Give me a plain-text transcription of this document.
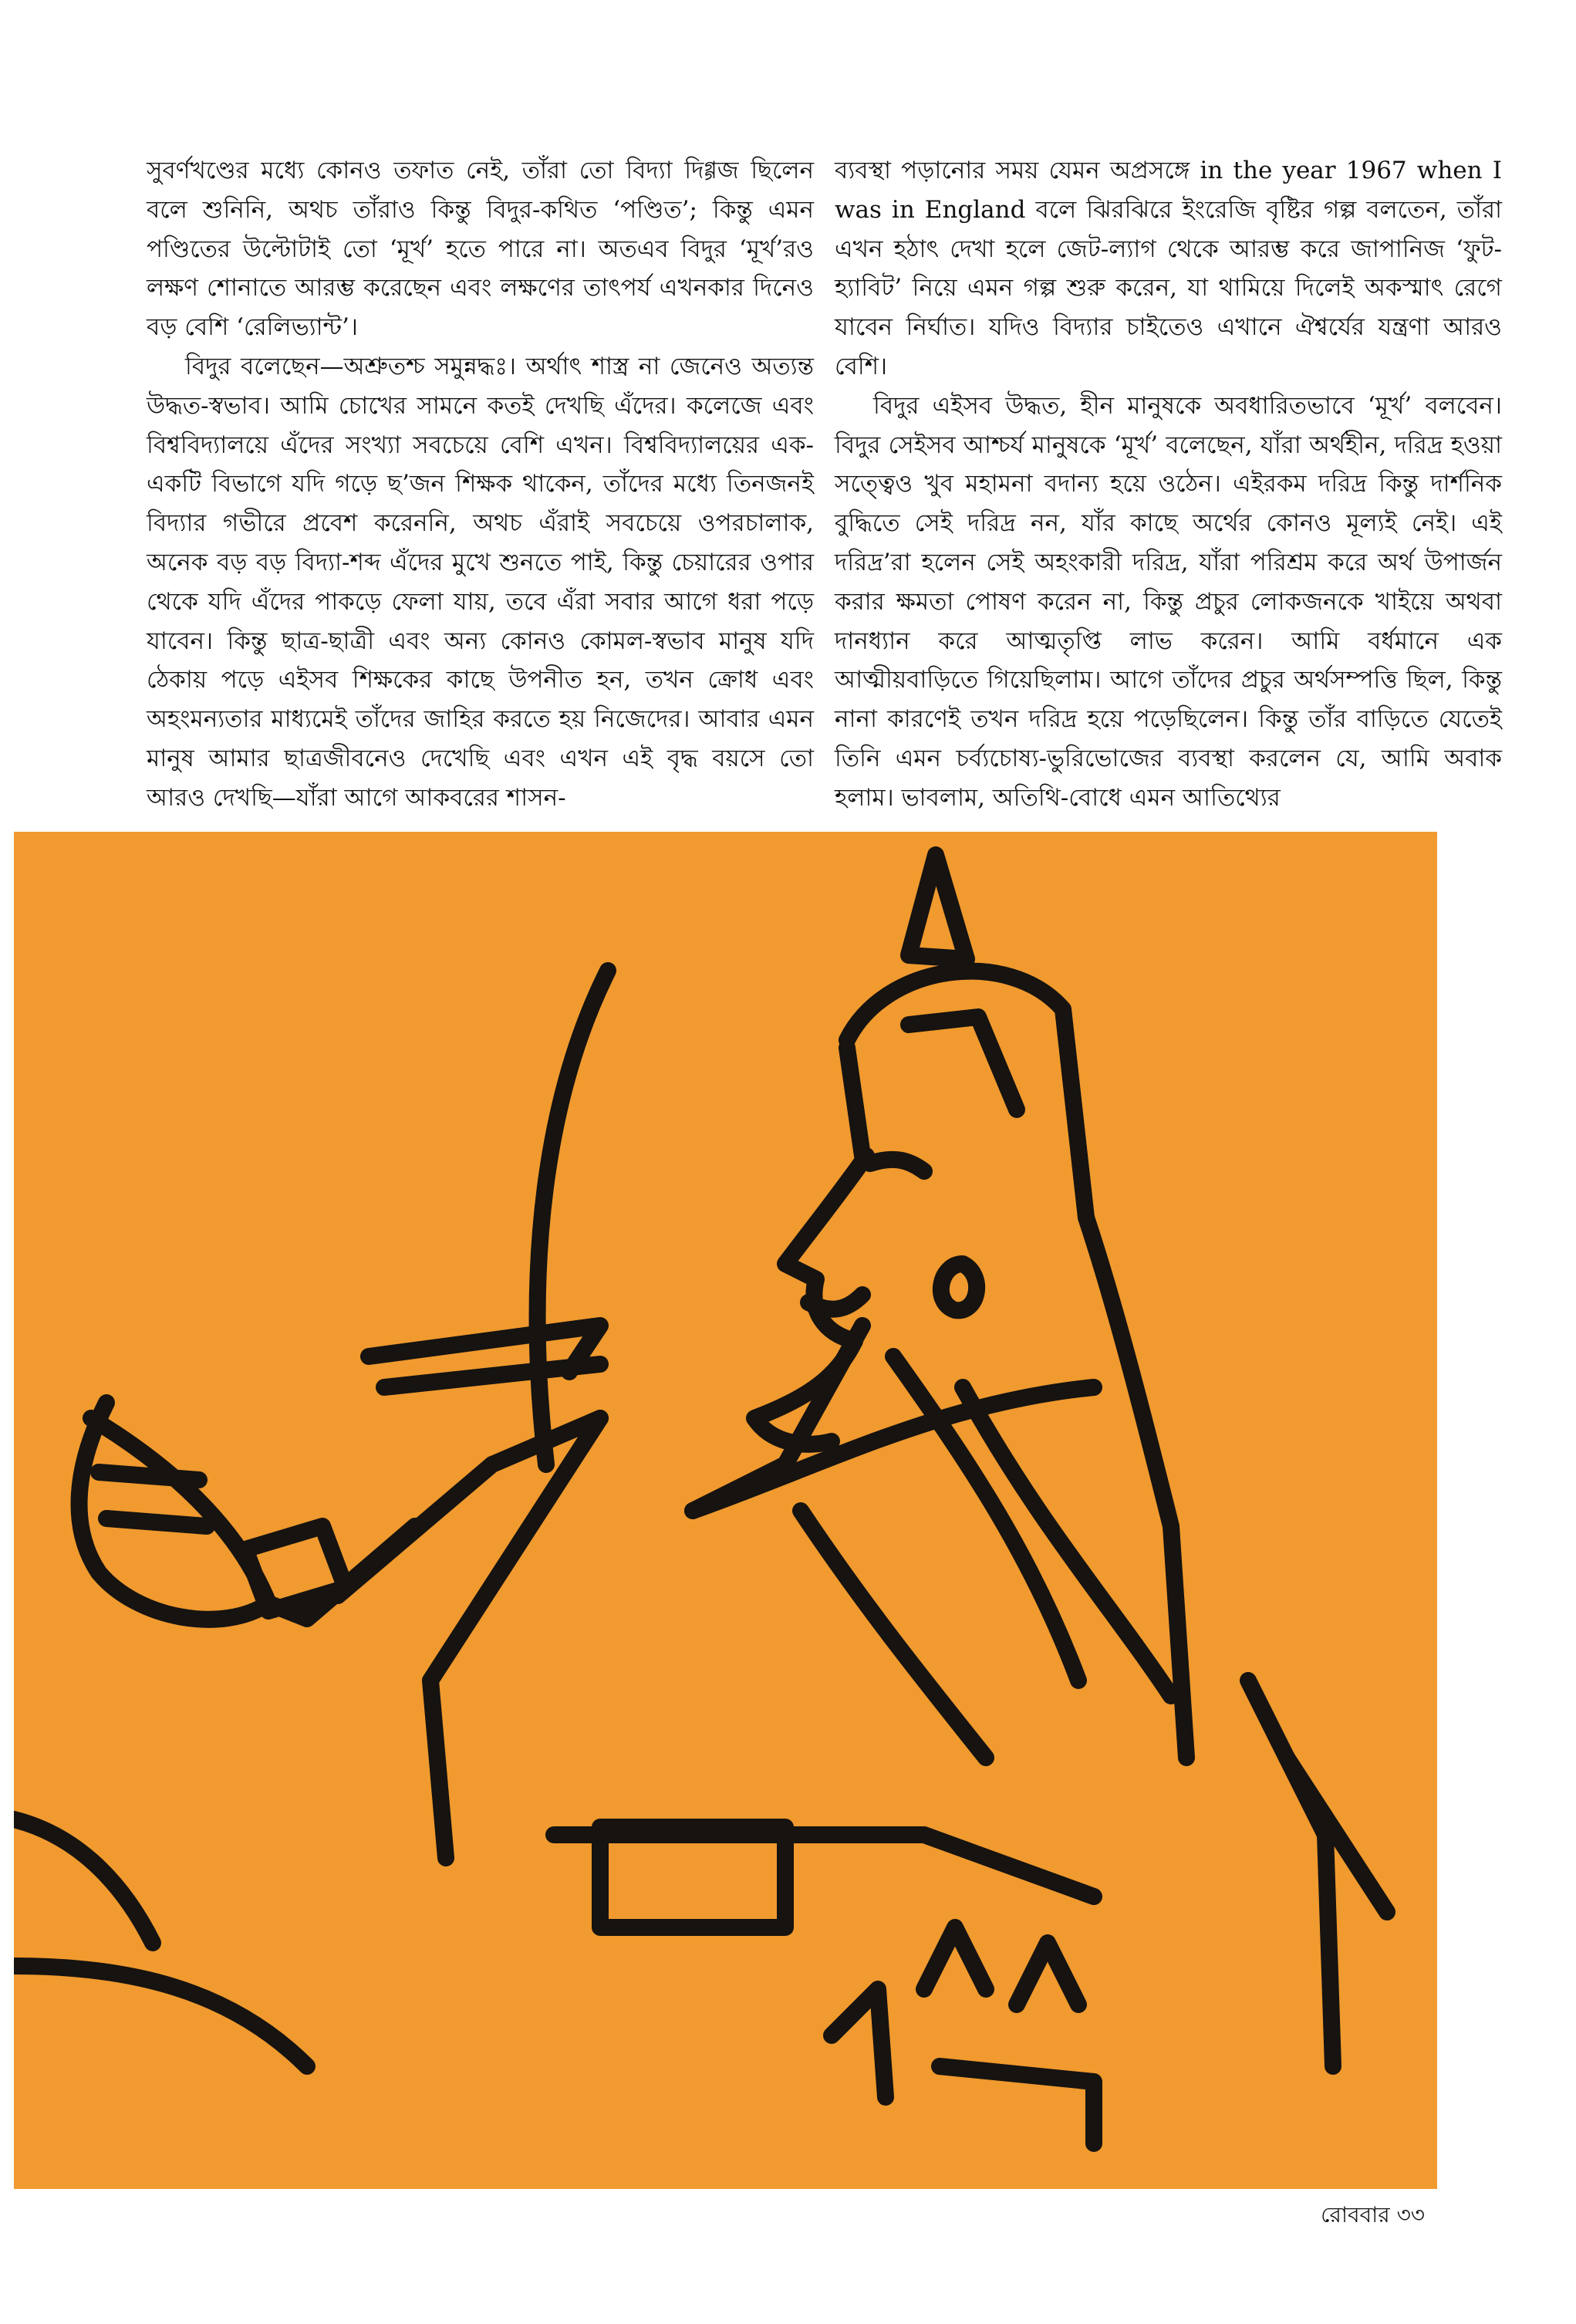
সুবর্ণখণ্ডের মধ্যে কোনও তফাত নেই, তাঁরা তো বিদ্যা দিগ্গজ ছিলেন বলে শুনিনি, অথচ তাঁরাও কিন্তু বিদুর-কথিত ‘পণ্ডিত’; কিন্তু এমন পণ্ডিতের উল্টোটাই তো ‘মূর্খ’ হতে পারে না। অতএব বিদুর ‘মূর্খ’রও লক্ষণ শোনাতে আরম্ভ করেছেন এবং লক্ষণের তাৎপর্য এখনকার দিনেও বড় বেশি ‘রেলিভ্যান্ট’।

বিদুর বলেছেন—অশ্রুতশ্চ সমুন্নদ্ধঃ। অর্থাৎ শাস্ত্র না জেনেও অত্যন্ত উদ্ধত-স্বভাব। আমি চোখের সামনে কতই দেখছি এঁদের। কলেজে এবং বিশ্ববিদ্যালয়ে এঁদের সংখ্যা সবচেয়ে বেশি এখন। বিশ্ববিদ্যালয়ের এক-একটি বিভাগে যদি গড়ে ছ’জন শিক্ষক থাকেন, তাঁদের মধ্যে তিনজনই বিদ্যার গভীরে প্রবেশ করেননি, অথচ এঁরাই সবচেয়ে ওপরচালাক, অনেক বড় বড় বিদ্যা-শব্দ এঁদের মুখে শুনতে পাই, কিন্তু চেয়ারের ওপার থেকে যদি এঁদের পাকড়ে ফেলা যায়, তবে এঁরা সবার আগে ধরা পড়ে যাবেন। কিন্তু ছাত্র-ছাত্রী এবং অন্য কোনও কোমল-স্বভাব মানুষ যদি ঠেকায় পড়ে এইসব শিক্ষকের কাছে উপনীত হন, তখন ক্রোধ এবং অহংমন্যতার মাধ্যমেই তাঁদের জাহির করতে হয় নিজেদের। আবার এমন মানুষ আমার ছাত্রজীবনেও দেখেছি এবং এখন এই বৃদ্ধ বয়সে তো আরও দেখছি—যাঁরা আগে আকবরের শাসন-

ব্যবস্থা পড়ানোর সময় যেমন অপ্রসঙ্গে in the year 1967 when I was in England বলে ঝিরঝিরে ইংরেজি বৃষ্টির গল্প বলতেন, তাঁরা এখন হঠাৎ দেখা হলে জেট-ল্যাগ থেকে আরম্ভ করে জাপানিজ ‘ফুট-হ্যাবিট’ নিয়ে এমন গল্প শুরু করেন, যা থামিয়ে দিলেই অকস্মাৎ রেগে যাবেন নির্ঘাত। যদিও বিদ্যার চাইতেও এখানে ঐশ্বর্যের যন্ত্রণা আরও বেশি।

বিদুর এইসব উদ্ধত, হীন মানুষকে অবধারিতভাবে ‘মূর্খ’ বলবেন। বিদুর সেইসব আশ্চর্য মানুষকে ‘মূর্খ’ বলেছেন, যাঁরা অর্থহীন, দরিদ্র হওয়া সত্ত্বেও খুব মহামনা বদান্য হয়ে ওঠেন। এইরকম দরিদ্র কিন্তু দার্শনিক বুদ্ধিতে সেই দরিদ্র নন, যাঁর কাছে অর্থের কোনও মূল্যই নেই। এই দরিদ্র’রা হলেন সেই অহংকারী দরিদ্র, যাঁরা পরিশ্রম করে অর্থ উপার্জন করার ক্ষমতা পোষণ করেন না, কিন্তু প্রচুর লোকজনকে খাইয়ে অথবা দানধ্যান করে আত্মতৃপ্তি লাভ করেন। আমি বর্ধমানে এক আত্মীয়বাড়িতে গিয়েছিলাম। আগে তাঁদের প্রচুর অর্থসম্পত্তি ছিল, কিন্তু নানা কারণেই তখন দরিদ্র হয়ে পড়েছিলেন। কিন্তু তাঁর বাড়িতে যেতেই তিনি এমন চর্ব্যচোষ্য-ভুরিভোজের ব্যবস্থা করলেন যে, আমি অবাক হলাম। ভাবলাম, অতিথি-বোধে এমন আতিথ্যের

রোববার ৩৩
